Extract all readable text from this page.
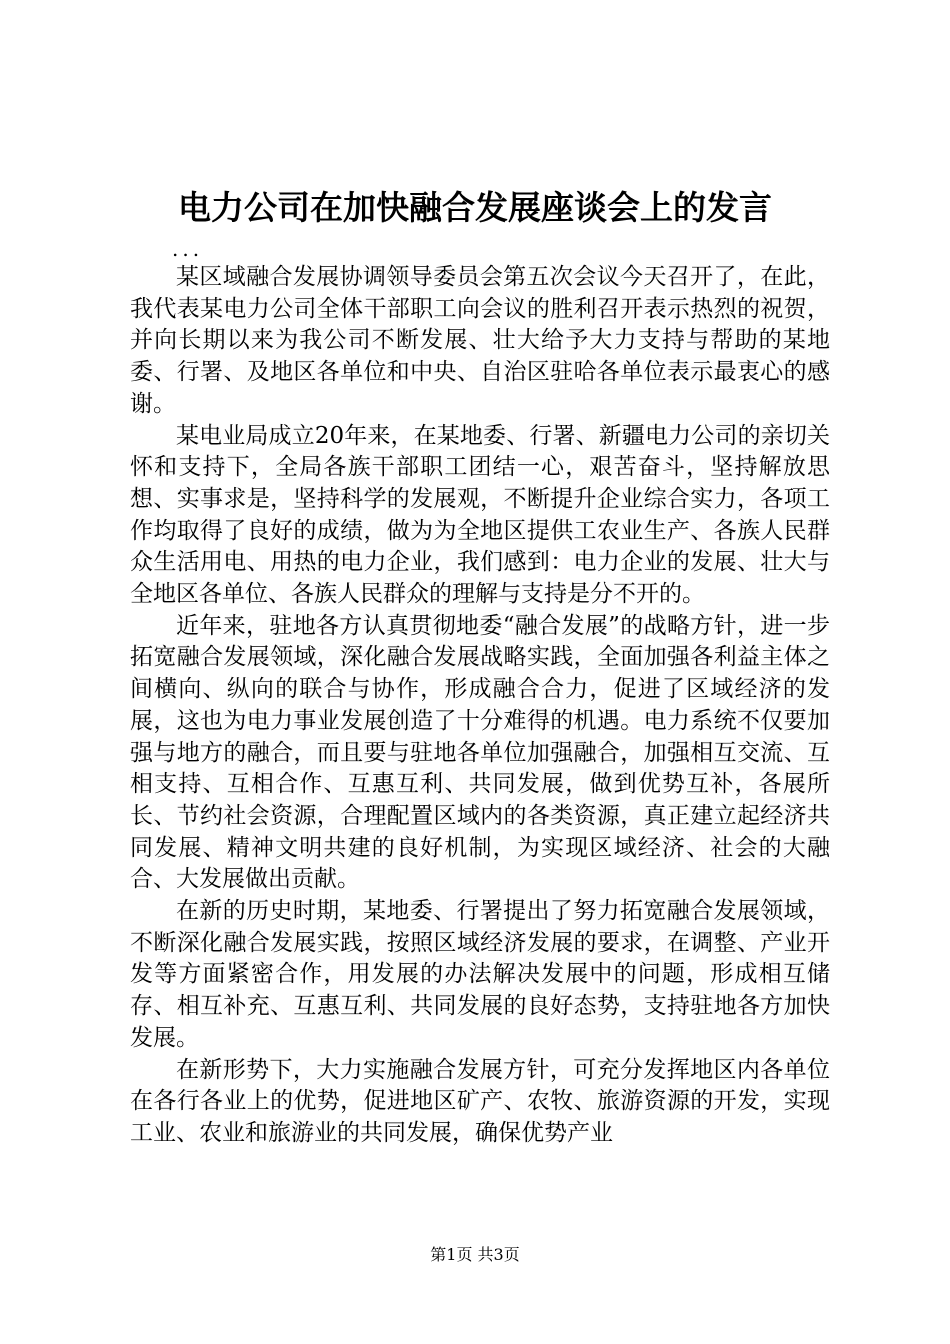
电力公司在加快融合发展座谈会上的发言
...

某区域融合发展协调领导委员会第五次会议今天召开了，在此，我代表某电力公司全体干部职工向会议的胜利召开表示热烈的祝贺，并向长期以来为我公司不断发展、壮大给予大力支持与帮助的某地委、行署、及地区各单位和中央、自治区驻哈各单位表示最衷心的感谢。

某电业局成立20年来，在某地委、行署、新疆电力公司的亲切关怀和支持下，全局各族干部职工团结一心，艰苦奋斗，坚持解放思想、实事求是，坚持科学的发展观，不断提升企业综合实力，各项工作均取得了良好的成绩，做为为全地区提供工农业生产、各族人民群众生活用电、用热的电力企业，我们感到：电力企业的发展、壮大与全地区各单位、各族人民群众的理解与支持是分不开的。

近年来，驻地各方认真贯彻地委“融合发展”的战略方针，进一步拓宽融合发展领域，深化融合发展战略实践，全面加强各利益主体之间横向、纵向的联合与协作，形成融合合力，促进了区域经济的发展，这也为电力事业发展创造了十分难得的机遇。电力系统不仅要加强与地方的融合，而且要与驻地各单位加强融合，加强相互交流、互相支持、互相合作、互惠互利、共同发展，做到优势互补，各展所长、节约社会资源，合理配置区域内的各类资源，真正建立起经济共同发展、精神文明共建的良好机制，为实现区域经济、社会的大融合、大发展做出贡献。

在新的历史时期，某地委、行署提出了努力拓宽融合发展领域，不断深化融合发展实践，按照区域经济发展的要求，在调整、产业开发等方面紧密合作，用发展的办法解决发展中的问题，形成相互储存、相互补充、互惠互利、共同发展的良好态势，支持驻地各方加快发展。

在新形势下，大力实施融合发展方针，可充分发挥地区内各单位在各行各业上的优势，促进地区矿产、农牧、旅游资源的开发，实现工业、农业和旅游业的共同发展，确保优势产业

第1页 共3页
